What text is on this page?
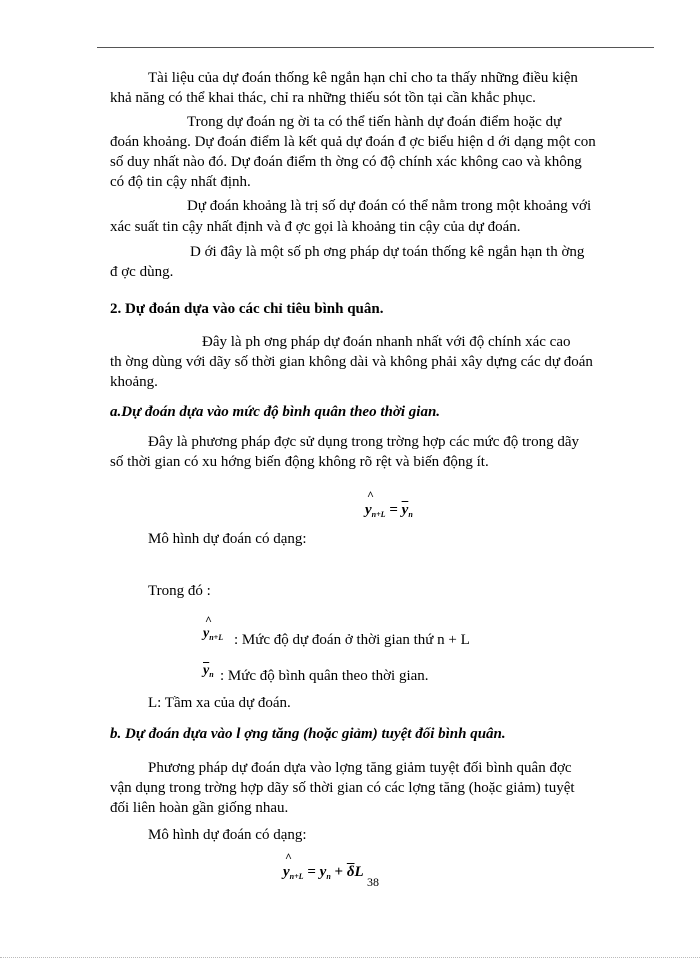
Tài liệu của dự đoán thống kê ngắn hạn chỉ cho ta thấy những điều kiện
khả năng có thể khai thác, chỉ ra những thiếu sót tồn tại cần khắc phục.
Trong dự đoán ng ời ta có thể tiến hành dự đoán điểm hoặc dự
đoán khoảng. Dự đoán điểm là kết quả dự đoán đ ợc biểu hiện d ới dạng một con
số duy nhất nào đó. Dự đoán điểm th ờng có độ chính xác không cao và không
có độ tin cậy nhất định.
Dự đoán khoảng là trị số dự đoán có thể nằm trong một khoảng với
xác suất tin cậy nhất định và đ ợc gọi là khoảng tin cậy của dự đoán.
D ới đây là một số ph ơng pháp dự toán thống kê ngắn hạn th ờng
đ ợc dùng.
2. Dự đoán dựa vào các chỉ tiêu bình quân.
Đây là ph ơng pháp dự đoán nhanh nhất với độ chính xác cao
th ờng dùng với dãy số thời gian không dài và không phải xây dựng các dự đoán
khoảng.
a.Dự đoán dựa vào mức độ bình quân theo thời gian.
Đây là phương pháp đợc sử dụng trong trờng hợp các mức độ trong dãy
số thời gian có xu hớng biến động không rõ rệt và biến động ít.
^
$y_{n+L} = \overline{y}_n$
Mô hình dự đoán có dạng:
Trong đó :
^
$y_{n+L}$ : Mức độ dự đoán ở thời gian thứ n + L
$\overline{y}_n$ : Mức độ bình quân theo thời gian.
L: Tầm xa của dự đoán.
b. Dự đoán dựa vào l ợng tăng (hoặc giảm) tuyệt đối bình quân.
Phương pháp dự đoán dựa vào lợng tăng giảm tuyệt đối bình quân đợc
vận dụng trong trờng hợp dãy số thời gian có các lợng tăng (hoặc giảm) tuyệt
đối liên hoàn gần giống nhau.
Mô hình dự đoán có dạng:
^
$y_{n+L} = y_n + \overline{\delta}L$
38
